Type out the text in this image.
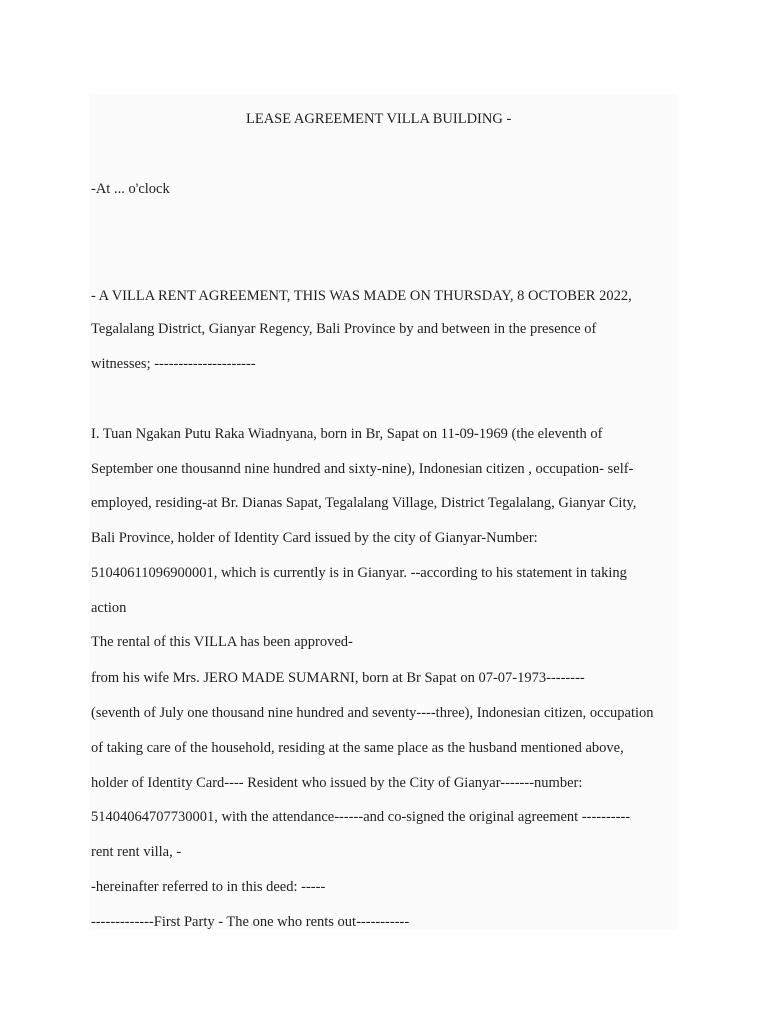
LEASE AGREEMENT VILLA BUILDING -

-At ... o'clock

- A VILLA RENT AGREEMENT, THIS WAS MADE ON THURSDAY, 8 OCTOBER 2022,

Tegalalang District, Gianyar Regency, Bali Province by and between in the presence of

witnesses; ---------------------

I. Tuan Ngakan Putu Raka Wiadnyana, born in Br, Sapat on 11-09-1969 (the eleventh of

September one thousannd nine hundred and sixty-nine), Indonesian citizen , occupation- self-

employed, residing-at Br. Dianas Sapat, Tegalalang Village, District Tegalalang, Gianyar City,

Bali Province, holder of Identity Card issued by the city of Gianyar-Number:

51040611096900001, which is currently is in Gianyar. --according to his statement in taking

action

The rental of this VILLA has been approved-

from his wife Mrs. JERO MADE SUMARNI, born at Br Sapat on 07-07-1973--------

(seventh of July one thousand nine hundred and seventy----three), Indonesian citizen, occupation

of taking care of the household, residing at the same place as the husband mentioned above,

holder of Identity Card---- Resident who issued by the City of Gianyar-------number:

51404064707730001, with the attendance------and co-signed the original agreement ----------

rent rent villa, -

-hereinafter referred to in this deed: -----

-------------First Party - The one who rents out-----------
